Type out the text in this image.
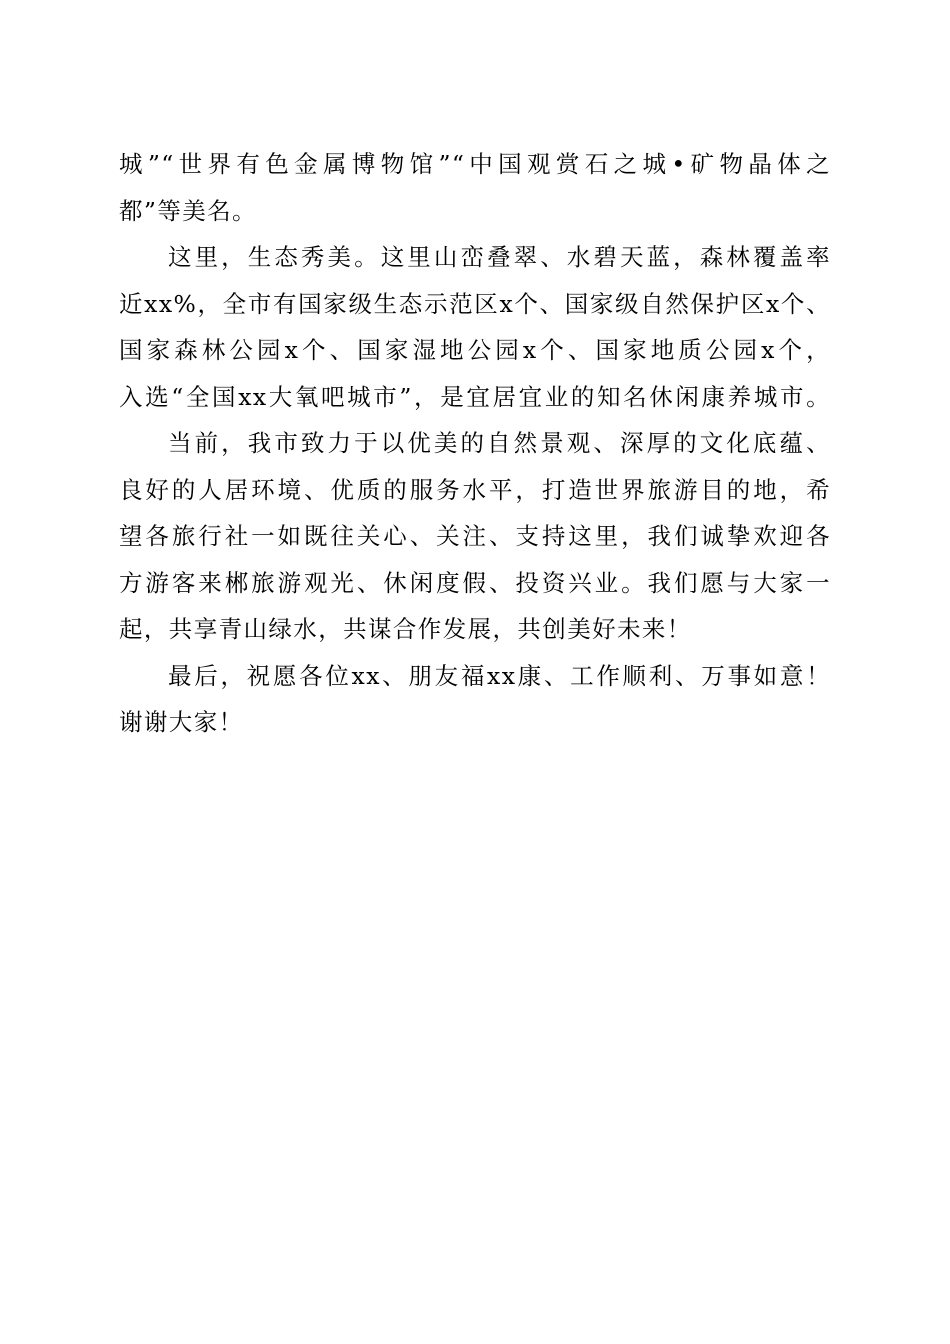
城”“世界有色金属博物馆”“中国观赏石之城•矿物晶体之
都”等美名。
这里，生态秀美。这里山峦叠翠、水碧天蓝，森林覆盖率
近xx%，全市有国家级生态示范区x个、国家级自然保护区x个、
国家森林公园x个、国家湿地公园x个、国家地质公园x个，
入选“全国xx大氧吧城市”，是宜居宜业的知名休闲康养城市。
当前，我市致力于以优美的自然景观、深厚的文化底蕴、
良好的人居环境、优质的服务水平，打造世界旅游目的地，希
望各旅行社一如既往关心、关注、支持这里，我们诚挚欢迎各
方游客来郴旅游观光、休闲度假、投资兴业。我们愿与大家一
起，共享青山绿水，共谋合作发展，共创美好未来！
最后，祝愿各位xx、朋友福xx康、工作顺利、万事如意！
谢谢大家！
